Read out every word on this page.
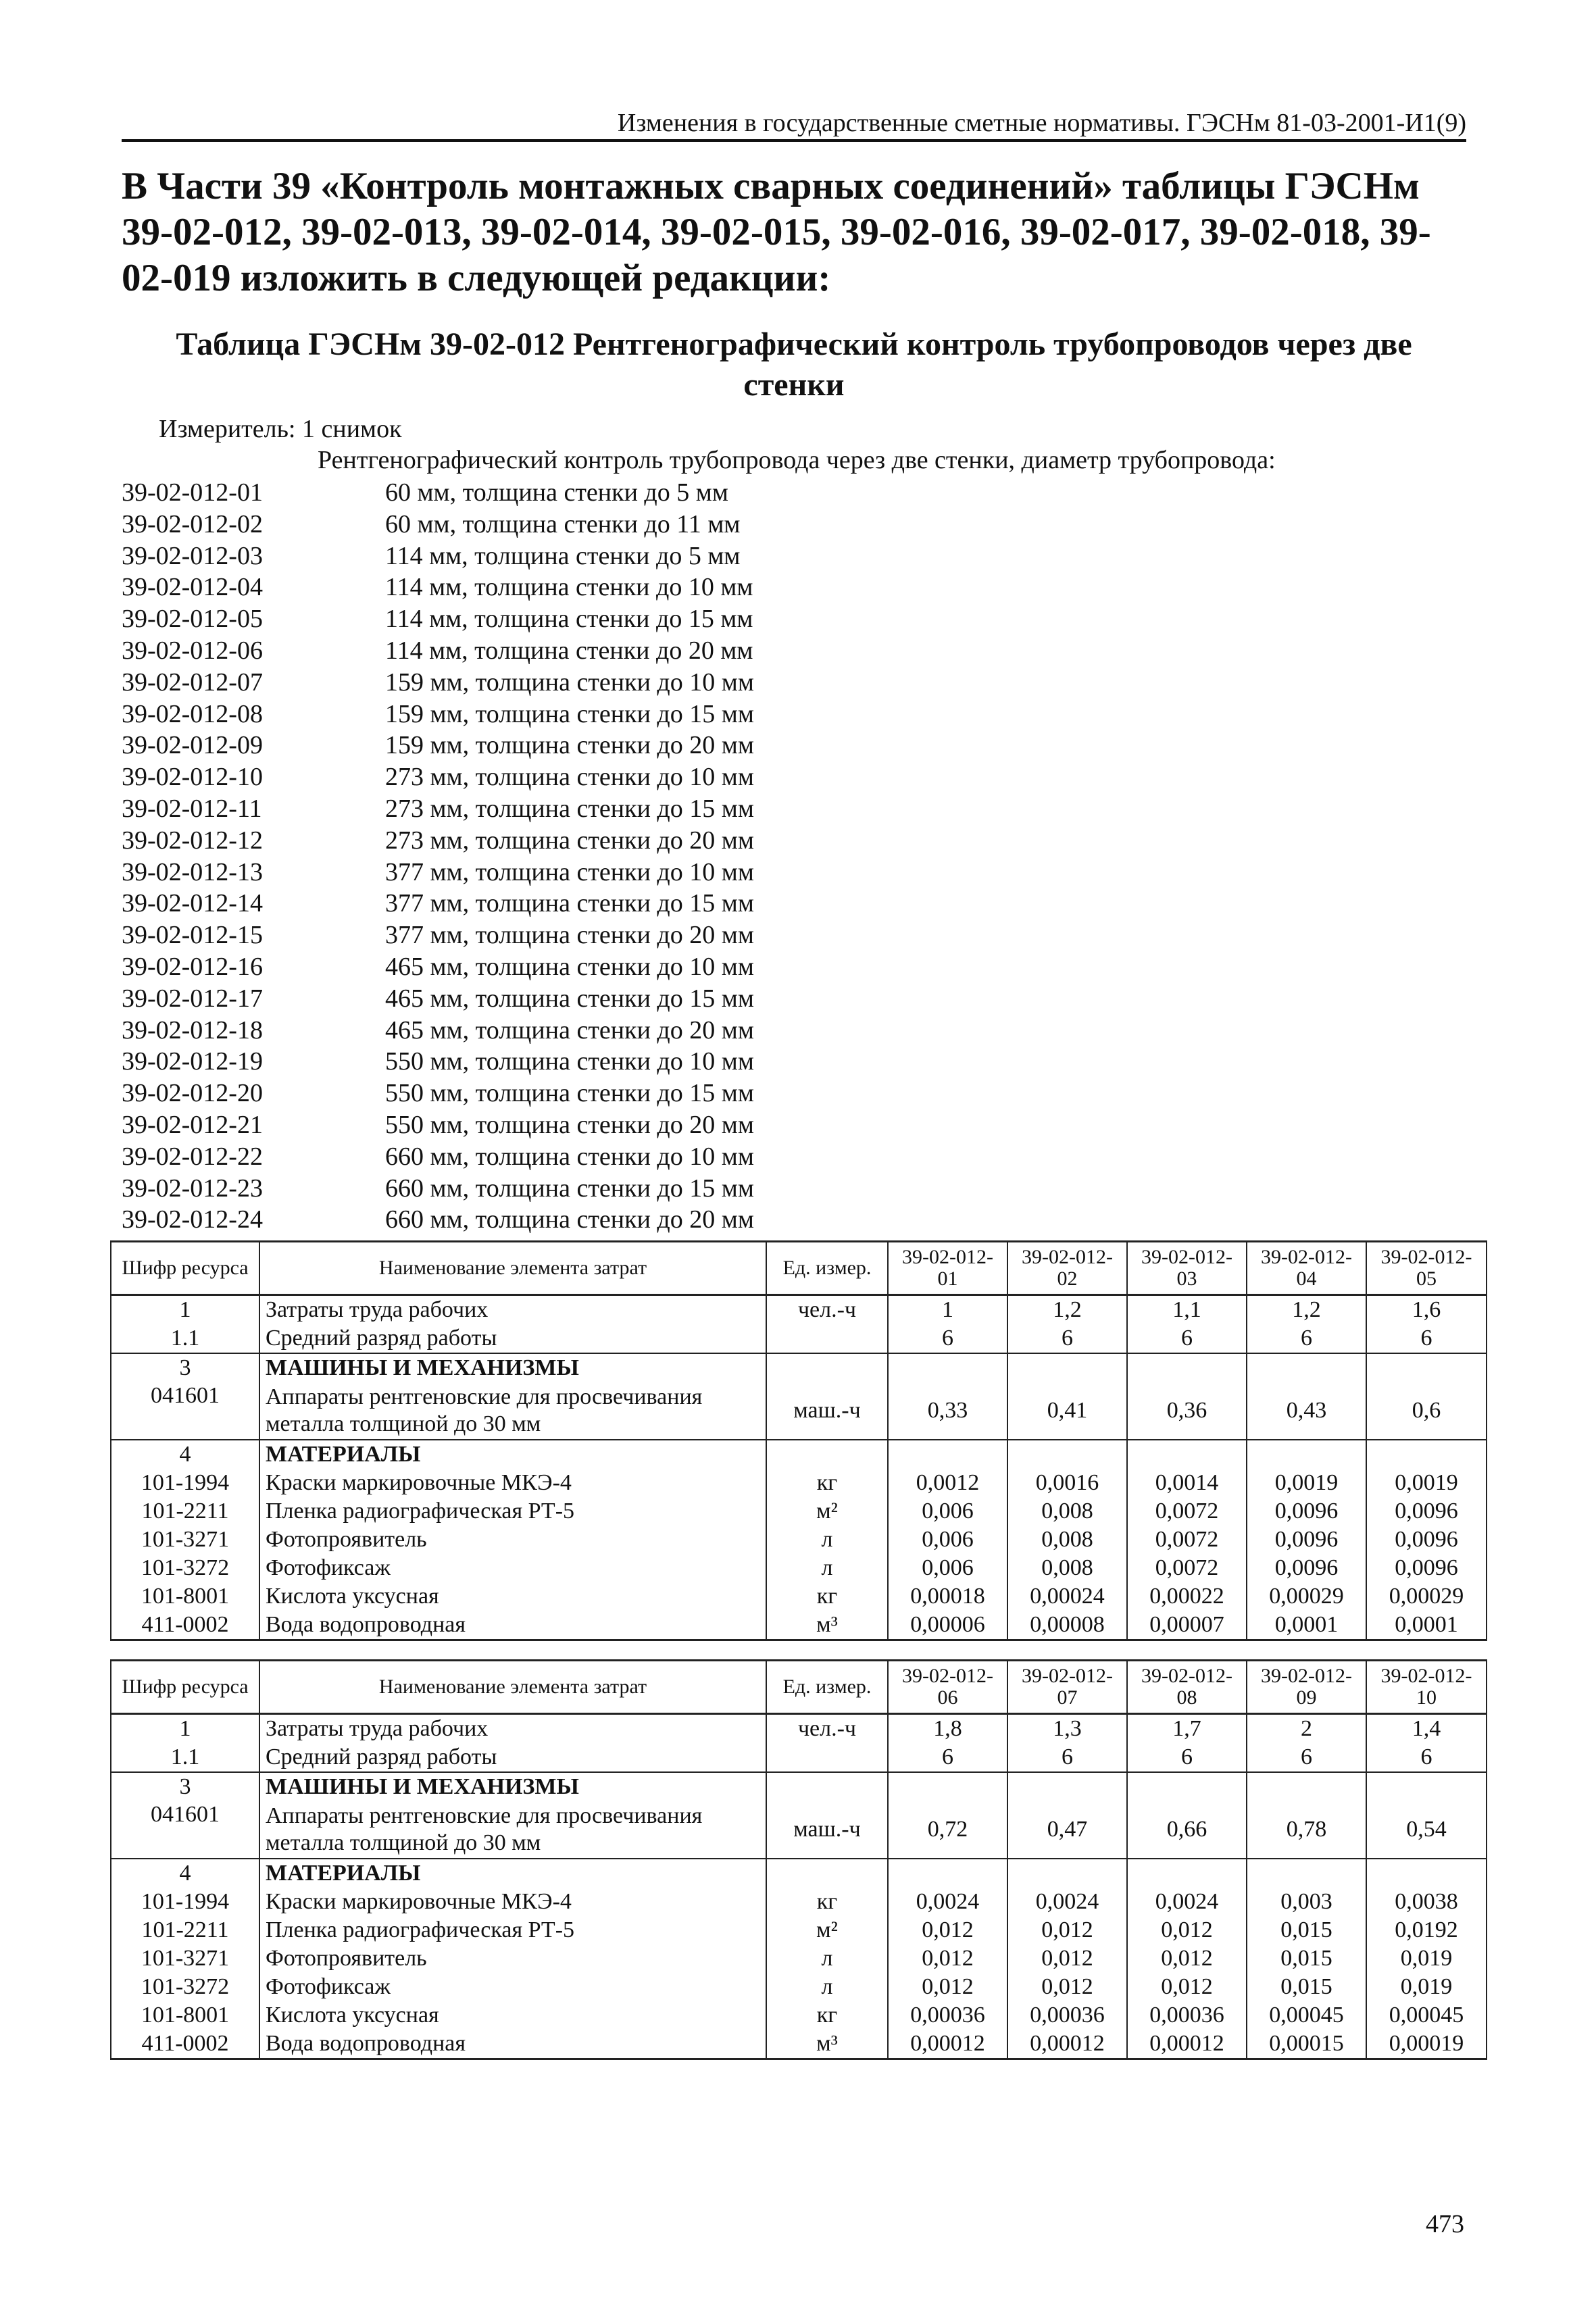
Изменения в государственные сметные нормативы. ГЭСНм 81-03-2001-И1(9)

В Части 39 «Контроль монтажных сварных соединений» таблицы ГЭСНм 39-02-012, 39-02-013, 39-02-014, 39-02-015, 39-02-016, 39-02-017, 39-02-018, 39-02-019 изложить в следующей редакции:

Таблица ГЭСНм 39-02-012 Рентгенографический контроль трубопроводов через две стенки

Измеритель: 1 снимок
Рентгенографический контроль трубопровода через две стенки, диаметр трубопровода:
39-02-012-01	60 мм, толщина стенки до 5 мм
39-02-012-02	60 мм, толщина стенки до 11 мм
39-02-012-03	114 мм, толщина стенки до 5 мм
39-02-012-04	114 мм, толщина стенки до 10 мм
39-02-012-05	114 мм, толщина стенки до 15 мм
39-02-012-06	114 мм, толщина стенки до 20 мм
39-02-012-07	159 мм, толщина стенки до 10 мм
39-02-012-08	159 мм, толщина стенки до 15 мм
39-02-012-09	159 мм, толщина стенки до 20 мм
39-02-012-10	273 мм, толщина стенки до 10 мм
39-02-012-11	273 мм, толщина стенки до 15 мм
39-02-012-12	273 мм, толщина стенки до 20 мм
39-02-012-13	377 мм, толщина стенки до 10 мм
39-02-012-14	377 мм, толщина стенки до 15 мм
39-02-012-15	377 мм, толщина стенки до 20 мм
39-02-012-16	465 мм, толщина стенки до 10 мм
39-02-012-17	465 мм, толщина стенки до 15 мм
39-02-012-18	465 мм, толщина стенки до 20 мм
39-02-012-19	550 мм, толщина стенки до 10 мм
39-02-012-20	550 мм, толщина стенки до 15 мм
39-02-012-21	550 мм, толщина стенки до 20 мм
39-02-012-22	660 мм, толщина стенки до 10 мм
39-02-012-23	660 мм, толщина стенки до 15 мм
39-02-012-24	660 мм, толщина стенки до 20 мм
Шифр ресурса	Наименование элемента затрат	Ед. измер.	39-02-012-01	39-02-012-02	39-02-012-03	39-02-012-04	39-02-012-05
1	Затраты труда рабочих	чел.-ч	1	1,2	1,1	1,2	1,6
1.1	Средний разряд работы		6	6	6	6	6
3	МАШИНЫ И МЕХАНИЗМЫ						
041601	Аппараты рентгеновские для просвечивания металла толщиной до 30 мм	маш.-ч	0,33	0,41	0,36	0,43	0,6
4	МАТЕРИАЛЫ						
101-1994	Краски маркировочные МКЭ-4	кг	0,0012	0,0016	0,0014	0,0019	0,0019
101-2211	Пленка радиографическая РТ-5	м²	0,006	0,008	0,0072	0,0096	0,0096
101-3271	Фотопроявитель	л	0,006	0,008	0,0072	0,0096	0,0096
101-3272	Фотофиксаж	л	0,006	0,008	0,0072	0,0096	0,0096
101-8001	Кислота уксусная	кг	0,00018	0,00024	0,00022	0,00029	0,00029
411-0002	Вода водопроводная	м³	0,00006	0,00008	0,00007	0,0001	0,0001
Шифр ресурса	Наименование элемента затрат	Ед. измер.	39-02-012-06	39-02-012-07	39-02-012-08	39-02-012-09	39-02-012-10
1	Затраты труда рабочих	чел.-ч	1,8	1,3	1,7	2	1,4
1.1	Средний разряд работы		6	6	6	6	6
3	МАШИНЫ И МЕХАНИЗМЫ						
041601	Аппараты рентгеновские для просвечивания металла толщиной до 30 мм	маш.-ч	0,72	0,47	0,66	0,78	0,54
4	МАТЕРИАЛЫ						
101-1994	Краски маркировочные МКЭ-4	кг	0,0024	0,0024	0,0024	0,003	0,0038
101-2211	Пленка радиографическая РТ-5	м²	0,012	0,012	0,012	0,015	0,0192
101-3271	Фотопроявитель	л	0,012	0,012	0,012	0,015	0,019
101-3272	Фотофиксаж	л	0,012	0,012	0,012	0,015	0,019
101-8001	Кислота уксусная	кг	0,00036	0,00036	0,00036	0,00045	0,00045
411-0002	Вода водопроводная	м³	0,00012	0,00012	0,00012	0,00015	0,00019
473
